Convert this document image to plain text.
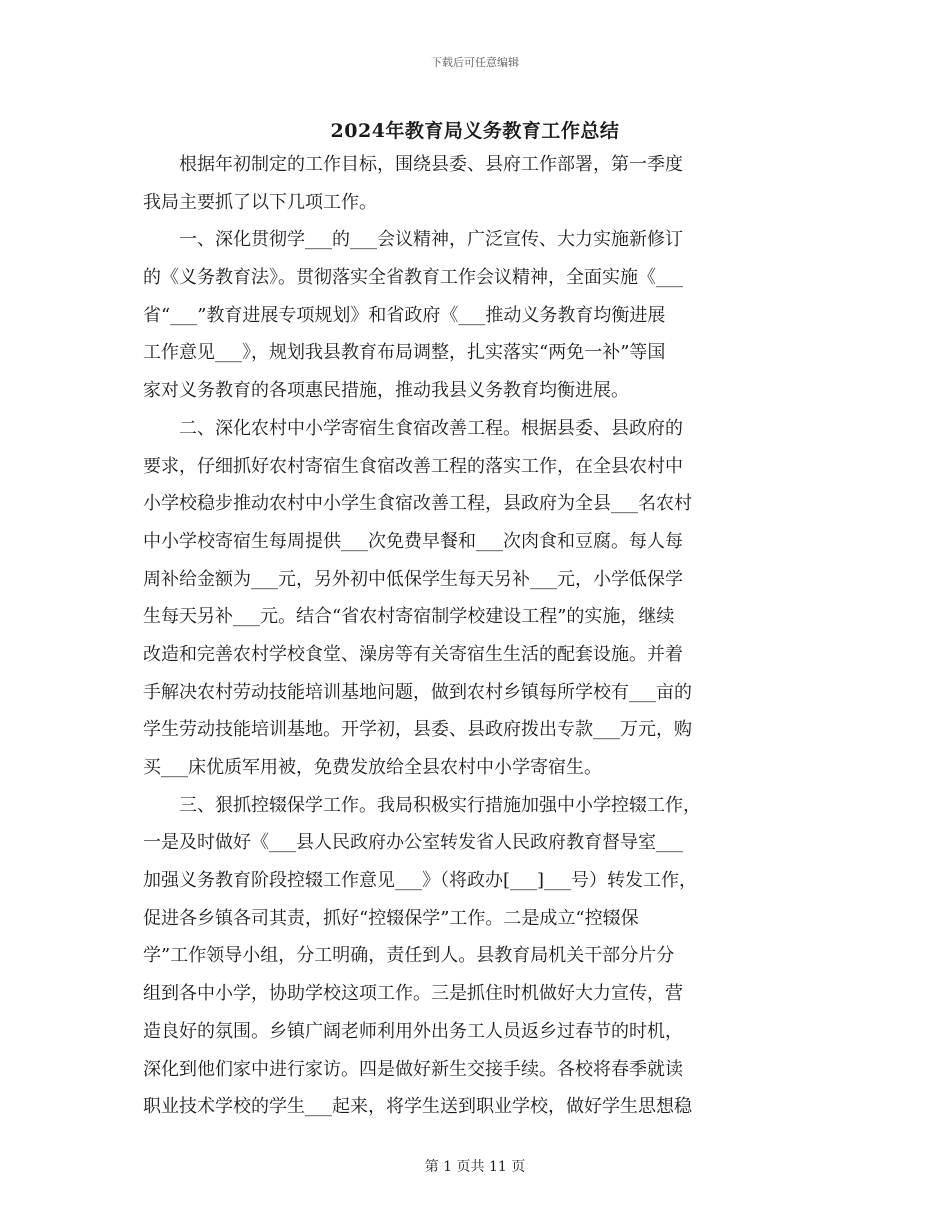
下载后可任意编辑
2024年教育局义务教育工作总结
　　根据年初制定的工作目标，围绕县委、县府工作部署，第一季度
我局主要抓了以下几项工作。
　　一、深化贯彻学___的___会议精神，广泛宣传、大力实施新修订
的《义务教育法》。贯彻落实全省教育工作会议精神，全面实施《___
省“___”教育进展专项规划》和省政府《___推动义务教育均衡进展
工作意见___》，规划我县教育布局调整，扎实落实“两免一补”等国
家对义务教育的各项惠民措施，推动我县义务教育均衡进展。
　　二、深化农村中小学寄宿生食宿改善工程。根据县委、县政府的
要求，仔细抓好农村寄宿生食宿改善工程的落实工作，在全县农村中
小学校稳步推动农村中小学生食宿改善工程，县政府为全县___名农村
中小学校寄宿生每周提供___次免费早餐和___次肉食和豆腐。每人每
周补给金额为___元，另外初中低保学生每天另补___元，小学低保学
生每天另补___元。结合“省农村寄宿制学校建设工程”的实施，继续
改造和完善农村学校食堂、澡房等有关寄宿生生活的配套设施。并着
手解决农村劳动技能培训基地问题，做到农村乡镇每所学校有___亩的
学生劳动技能培训基地。开学初，县委、县政府拨出专款___万元，购
买___床优质军用被，免费发放给全县农村中小学寄宿生。
　　三、狠抓控辍保学工作。我局积极实行措施加强中小学控辍工作，
一是及时做好《___县人民政府办公室转发省人民政府教育督导室___
加强义务教育阶段控辍工作意见___》（将政办[___]___号）转发工作，
促进各乡镇各司其责，抓好“控辍保学”工作。二是成立“控辍保
学”工作领导小组，分工明确，责任到人。县教育局机关干部分片分
组到各中小学，协助学校这项工作。三是抓住时机做好大力宣传，营
造良好的氛围。乡镇广阔老师利用外出务工人员返乡过春节的时机，
深化到他们家中进行家访。四是做好新生交接手续。各校将春季就读
职业技术学校的学生___起来，将学生送到职业学校，做好学生思想稳
第 1 页共 11 页
